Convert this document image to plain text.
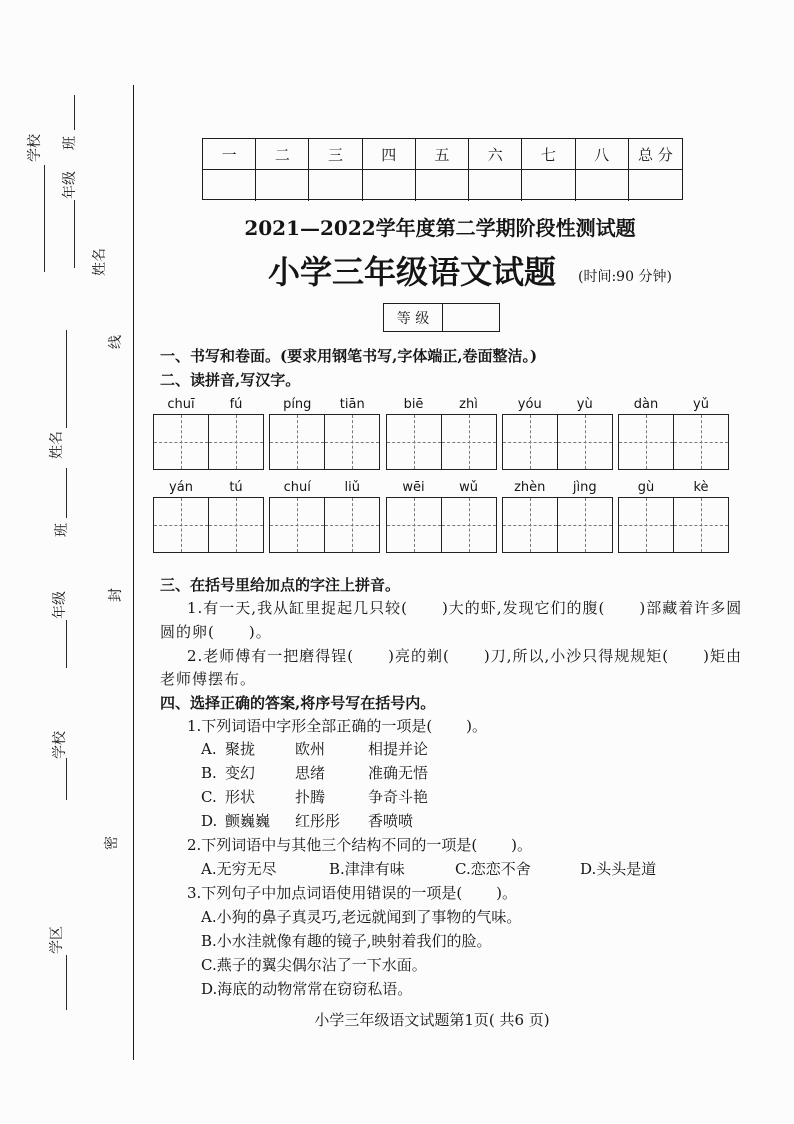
学校 班
年级
姓名
线
封
密
姓名
班
年级
学校
学区
一	二	三	四	五	六	七	八	总 分
2021—2022学年度第二学期阶段性测试题
小学三年级语文试题 (时间:90 分钟)
等 级
一、书写和卷面。(要求用钢笔书写,字体端正,卷面整洁。)
二、读拼音,写汉字。
chuī	fú	píng	tiān	biē	zhì	yóu	yù	dàn	yǔ
yán	tú	chuí	liǔ	wēi	wǔ	zhèn	jìng	gù	kè
三、在括号里给加点的字注上拼音。
1.有一天,我从缸里捉起几只较( )大的虾,发现它们的腹( )部藏着许多圆
圆的卵( )。
2.老师傅有一把磨得锃( )亮的剃( )刀,所以,小沙只得规规矩( )矩由
老师傅摆布。
四、选择正确的答案,将序号写在括号内。
1.下列词语中字形全部正确的一项是( )。
A. 聚拢	欧州	相提并论
B. 变幻	思绪	准确无悟
C. 形状	扑腾	争奇斗艳
D. 颤巍巍 红彤彤 香喷喷
2.下列词语中与其他三个结构不同的一项是( )。
A.无穷无尽	B.津津有味	C.恋恋不舍	D.头头是道
3.下列句子中加点词语使用错误的一项是( )。
A.小狗的鼻子真灵巧,老远就闻到了事物的气味。
B.小水洼就像有趣的镜子,映射着我们的脸。
C.燕子的翼尖偶尔沾了一下水面。
D.海底的动物常常在窃窃私语。
小学三年级语文试题第1页( 共6 页)
